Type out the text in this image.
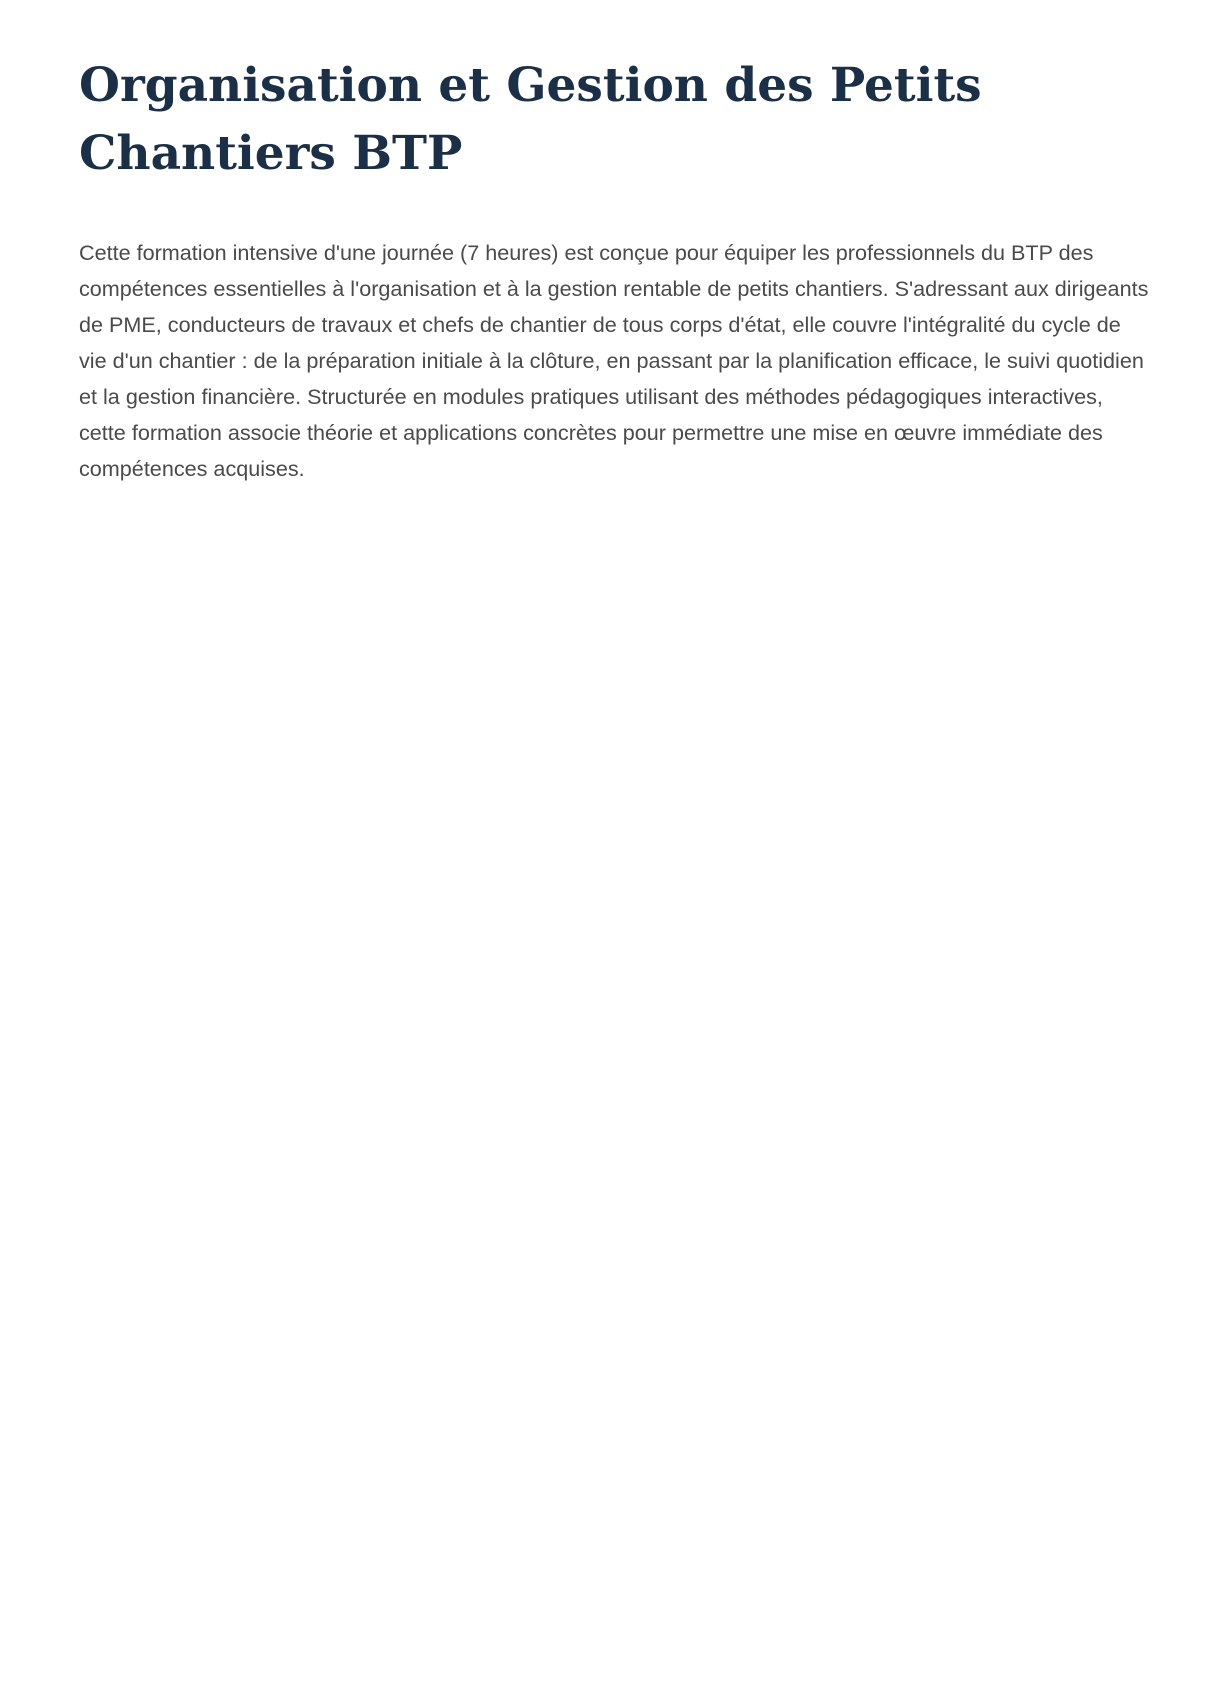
Organisation et Gestion des Petits Chantiers BTP

Cette formation intensive d'une journée (7 heures) est conçue pour équiper les professionnels du BTP des compétences essentielles à l'organisation et à la gestion rentable de petits chantiers. S'adressant aux dirigeants de PME, conducteurs de travaux et chefs de chantier de tous corps d'état, elle couvre l'intégralité du cycle de vie d'un chantier : de la préparation initiale à la clôture, en passant par la planification efficace, le suivi quotidien et la gestion financière. Structurée en modules pratiques utilisant des méthodes pédagogiques interactives, cette formation associe théorie et applications concrètes pour permettre une mise en œuvre immédiate des compétences acquises.
